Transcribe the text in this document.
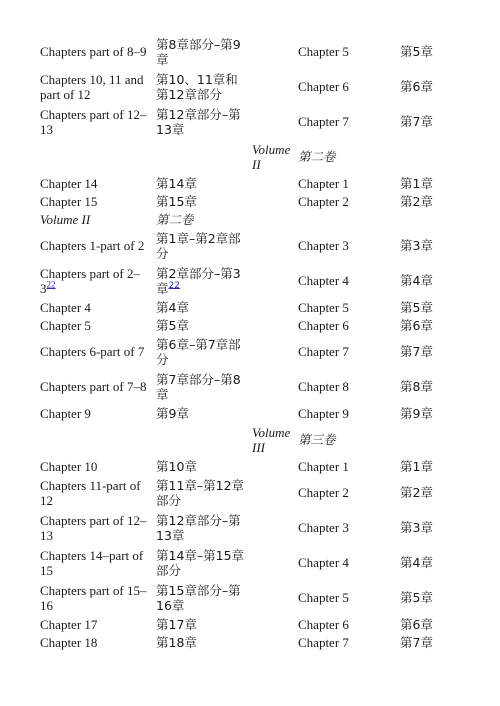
Chapters part of 8–9	第8章部分–第9章		Chapter 5	第5章
Chapters 10, 11 and part of 12	第10、11章和第12章部分		Chapter 6	第6章
Chapters part of 12–13	第12章部分–第13章		Chapter 7	第7章
		Volume II	第二卷	
Chapter 14	第14章		Chapter 1	第1章
Chapter 15	第15章		Chapter 2	第2章
Volume II	第二卷			
Chapters 1-part of 2	第1章–第2章部分		Chapter 3	第3章
Chapters part of 2–3$^{22}$	第2章部分–第3章$^{22}$		Chapter 4	第4章
Chapter 4	第4章		Chapter 5	第5章
Chapter 5	第5章		Chapter 6	第6章
Chapters 6-part of 7	第6章–第7章部分		Chapter 7	第7章
Chapters part of 7–8	第7章部分–第8章		Chapter 8	第8章
Chapter 9	第9章		Chapter 9	第9章
		Volume III	第三卷	
Chapter 10	第10章		Chapter 1	第1章
Chapters 11-part of 12	第11章–第12章部分		Chapter 2	第2章
Chapters part of 12–13	第12章部分–第13章		Chapter 3	第3章
Chapters 14–part of 15	第14章–第15章部分		Chapter 4	第4章
Chapters part of 15–16	第15章部分–第16章		Chapter 5	第5章
Chapter 17	第17章		Chapter 6	第6章
Chapter 18	第18章		Chapter 7	第7章
